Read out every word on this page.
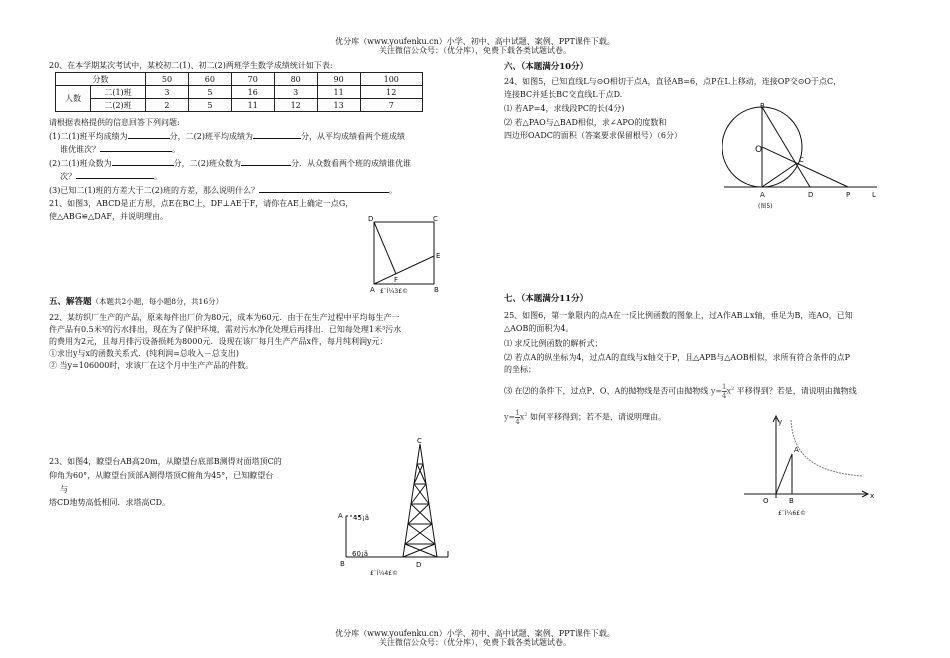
优分库（www.youfenku.cn）小学、初中、高中试题、案例、PPT课件下载。
关注微信公众号：（优分库），免费下载各类试题试卷。
优分库（www.youfenku.cn）小学、初中、高中试题、案例、PPT课件下载。
关注微信公众号：（优分库），免费下载各类试题试卷。
20、在本学期某次考试中，某校初二(1)、初二(2)两班学生数学成绩统计如下表:
分数		50	60	70	80	90	100
人数	二(1)班	3	5	16	3	11	12
	二(2)班	2	5	11	12	13	7
请根据表格提供的信息回答下列问题:
(1)二(1)班平均成绩为	分，二(2)班平均成绩为	分，从平均成绩看两个班成绩
谁优谁次？	。
(2)二(1)班众数为	分，二(2)班众数为	分．从众数看两个班的成绩谁优谁
次？	。
(3)已知二(1)班的方差大于二(2)班的方差，那么说明什么？	。
21、如图3，ABCD是正方形，点E在BC上，DF⊥AE于F，请你在AE上确定一点G，
使△ABG≌△DAF，并说明理由。	D	C
E
F
A	B
£¨Í¼3£©
五、解答题（本题共2小题，每小题8分，共16分）
22、某纺织厂生产的产品，原来每件出厂价为80元，成本为60元．由于在生产过程中平均每生产一
件产品有0.5米³的污水排出，现在为了保护环境，需对污水净化处理后再排出．已知每处理1米³污水
的费用为2元，且每月排污设备损耗为8000元．设现在该厂每月生产产品x件，每月纯利润y元：
①求出y与x的函数关系式．(纯利润=总收入－总支出)
② 当y=106000时，求该厂在这个月中生产产品的件数。
23、如图4，瞭望台AB高20m，从瞭望台底部B测得对面塔顶C的
仰角为60°，从瞭望台顶部A测得塔顶C俯角为45°，已知瞭望台
与
塔CD地势高低相同．求塔高CD。
C
A
B	D
45¡ã
60¡ã
£¨Í¼4£©
六、（本题满分10分）
24、如图5，已知直线L与⊙O相切于点A，直径AB=6，点P在L上移动，连接OP交⊙O于点C，
连接BC并延长BC交直线L于点D.
⑴ 若AP=4，求线段PC的长(4分)
⑵ 若△PAO与△BAD相似，求∠APO的度数和
四边形OADC的面积（答案要求保留根号）（6分）
B
O
C
A	D	P	L
(图5)
七、（本题满分11分）
25、如图6，第一象限内的点A在一反比例函数的图象上，过A作AB⊥x轴，垂足为B，连AO，已知
△AOB的面积为4。
⑴ 求反比例函数的解析式；
⑵ 若点A的纵坐标为4，过点A的直线与x轴交于P，且△APB与△AOB相似，求所有符合条件的点P
的坐标；
⑶ 在⑵的条件下，过点P、O、A的抛物线是否可由抛物线 $y= \frac{1}{4} x^2$ 平移得到？若是，请说明由抛物线
$y= \frac{1}{4} x^2$ 如何平移得到；若不是，请说明理由。
y
x
A
O	B
£¨Í¼6£©
